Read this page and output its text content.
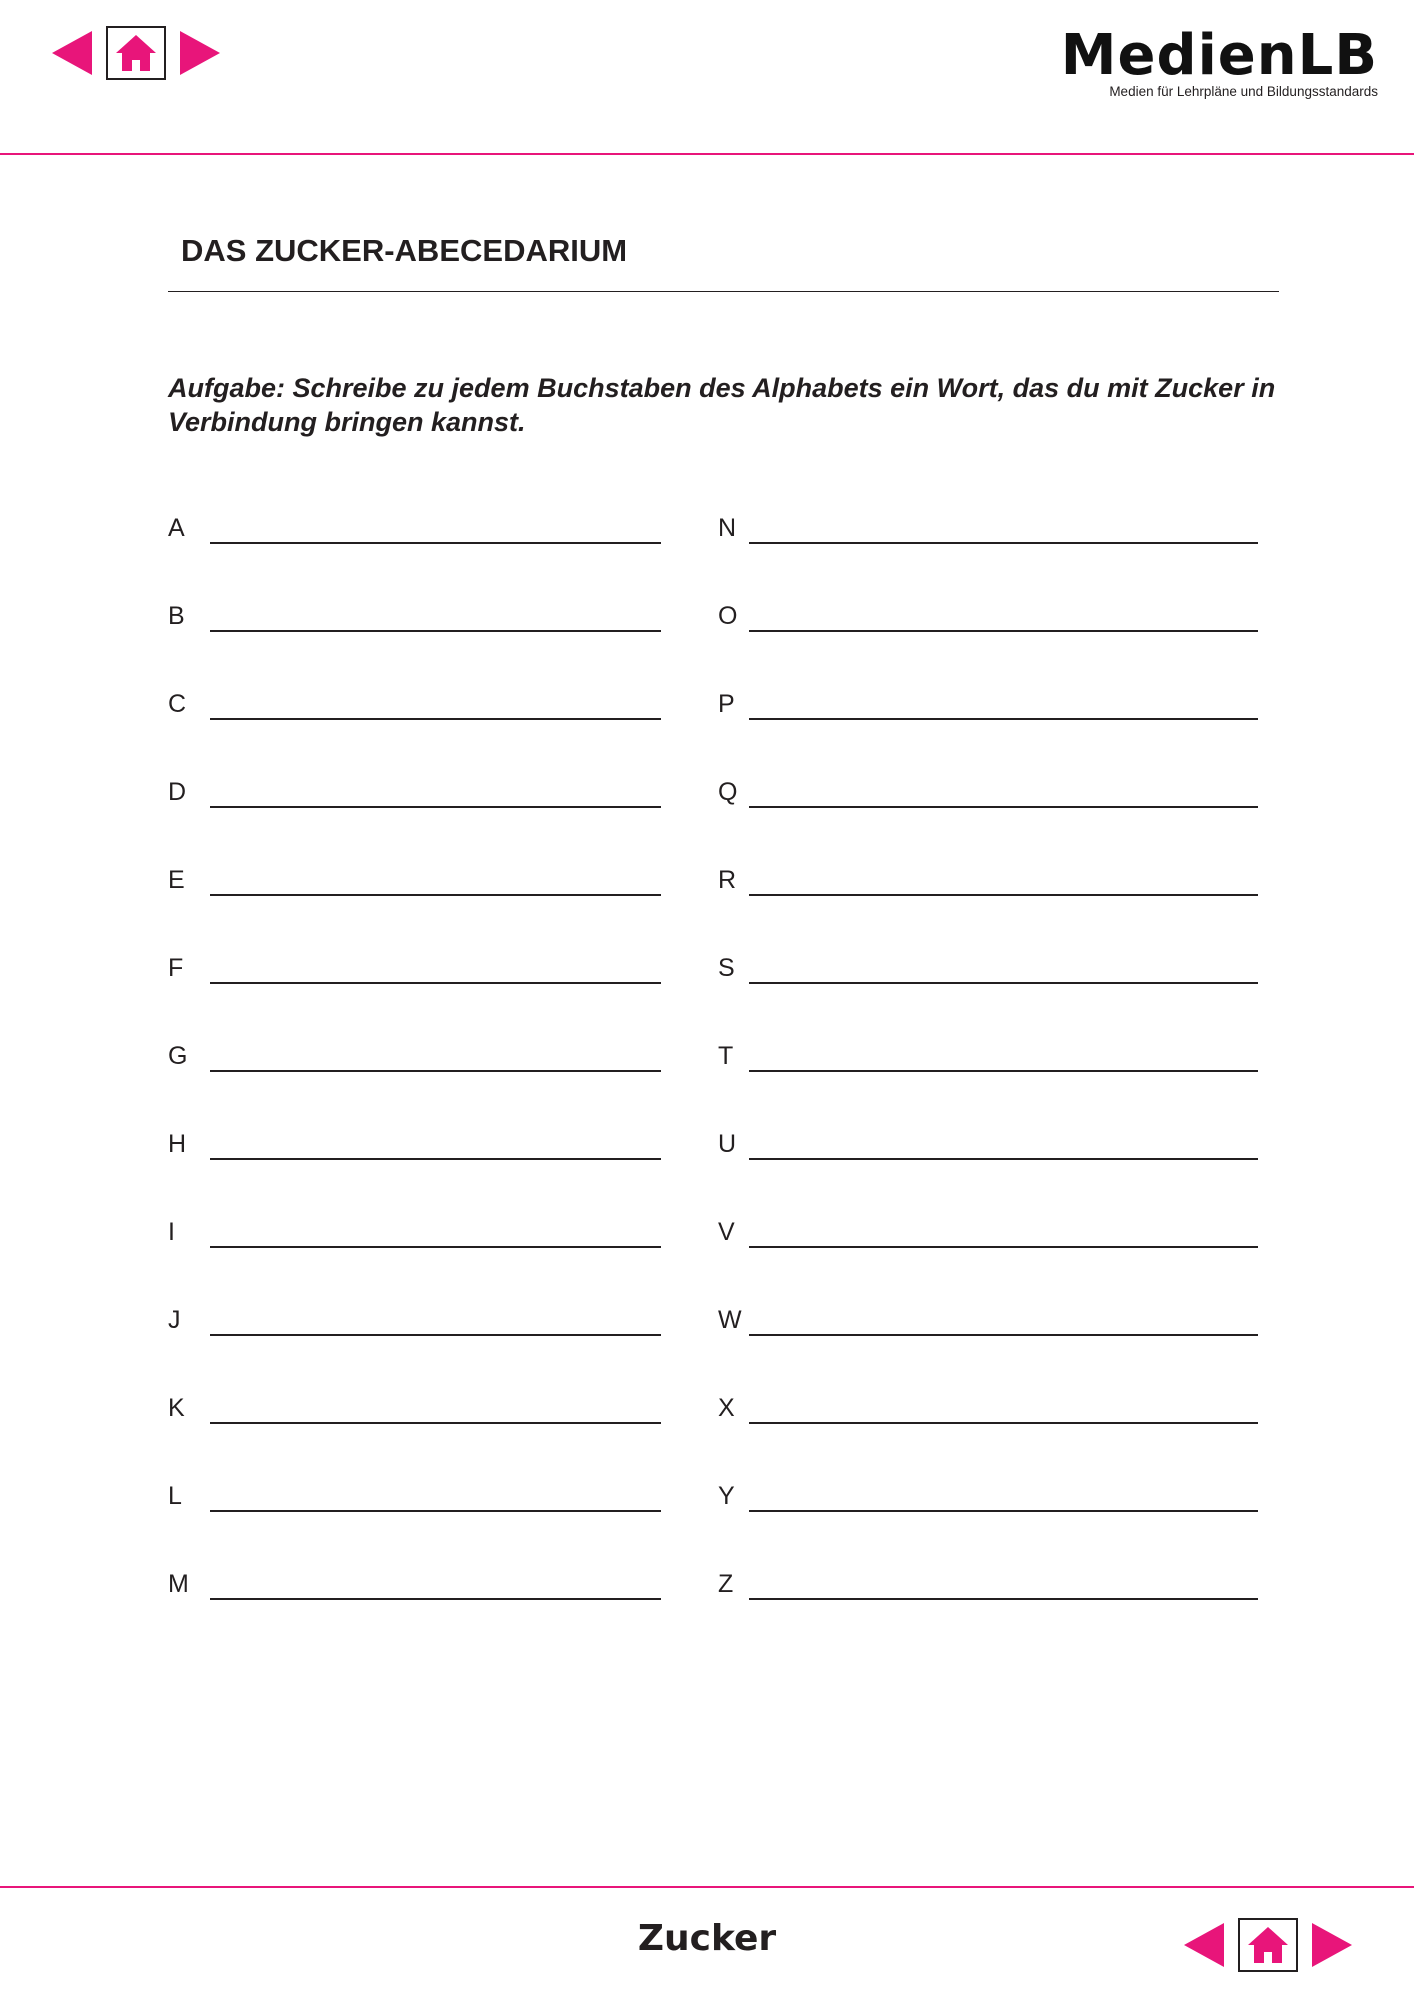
MedienLB
Medien für Lehrpläne und Bildungsstandards
DAS ZUCKER-ABECEDARIUM

Aufgabe: Schreibe zu jedem Buchstaben des Alphabets ein Wort, das du mit Zucker in Verbindung bringen kannst.

A
B
C
D
E
F
G
H
I
J
K
L
M
N
O
P
Q
R
S
T
U
V
W
X
Y
Z
Zucker
